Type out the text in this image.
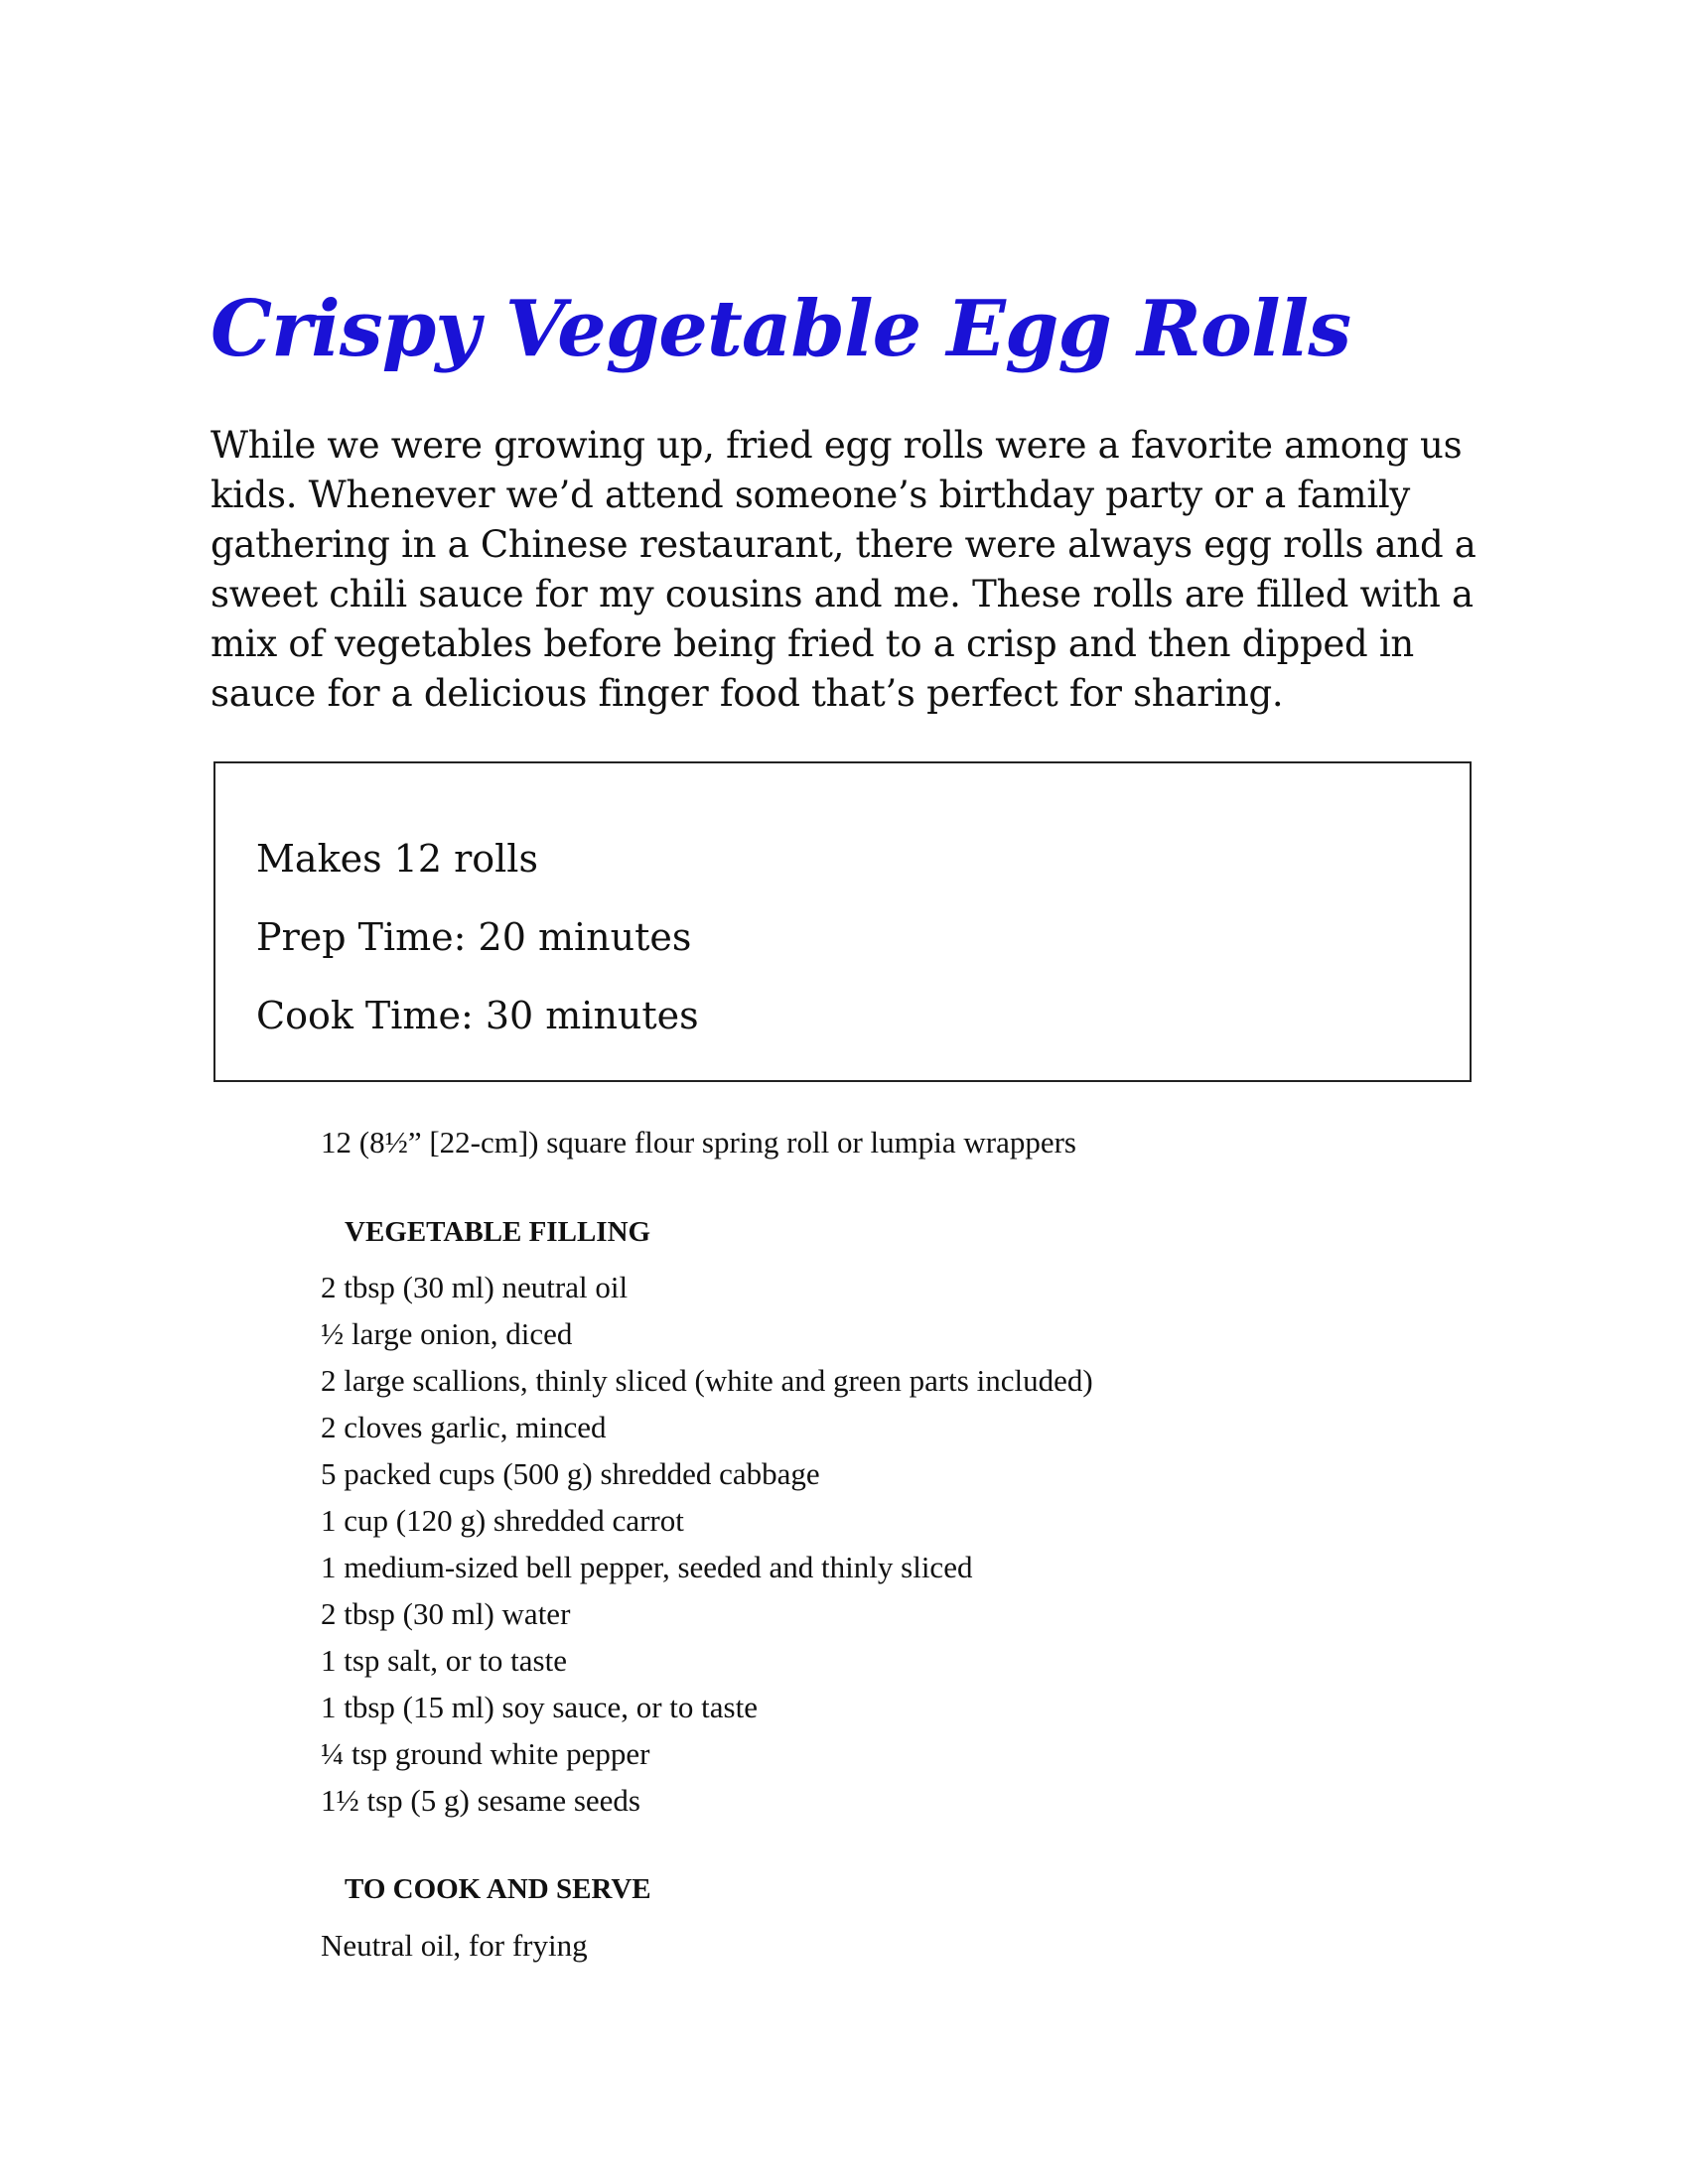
Crispy Vegetable Egg Rolls

While we were growing up, fried egg rolls were a favorite among us kids. Whenever we’d attend someone’s birthday party or a family gathering in a Chinese restaurant, there were always egg rolls and a sweet chili sauce for my cousins and me. These rolls are filled with a mix of vegetables before being fried to a crisp and then dipped in sauce for a delicious finger food that’s perfect for sharing.

Makes 12 rolls

Prep Time: 20 minutes

Cook Time: 30 minutes

12 (8½” [22-cm]) square flour spring roll or lumpia wrappers

VEGETABLE FILLING

2 tbsp (30 ml) neutral oil

½ large onion, diced

2 large scallions, thinly sliced (white and green parts included)

2 cloves garlic, minced

5 packed cups (500 g) shredded cabbage

1 cup (120 g) shredded carrot

1 medium-sized bell pepper, seeded and thinly sliced

2 tbsp (30 ml) water

1 tsp salt, or to taste

1 tbsp (15 ml) soy sauce, or to taste

¼ tsp ground white pepper

1½ tsp (5 g) sesame seeds

TO COOK AND SERVE

Neutral oil, for frying
